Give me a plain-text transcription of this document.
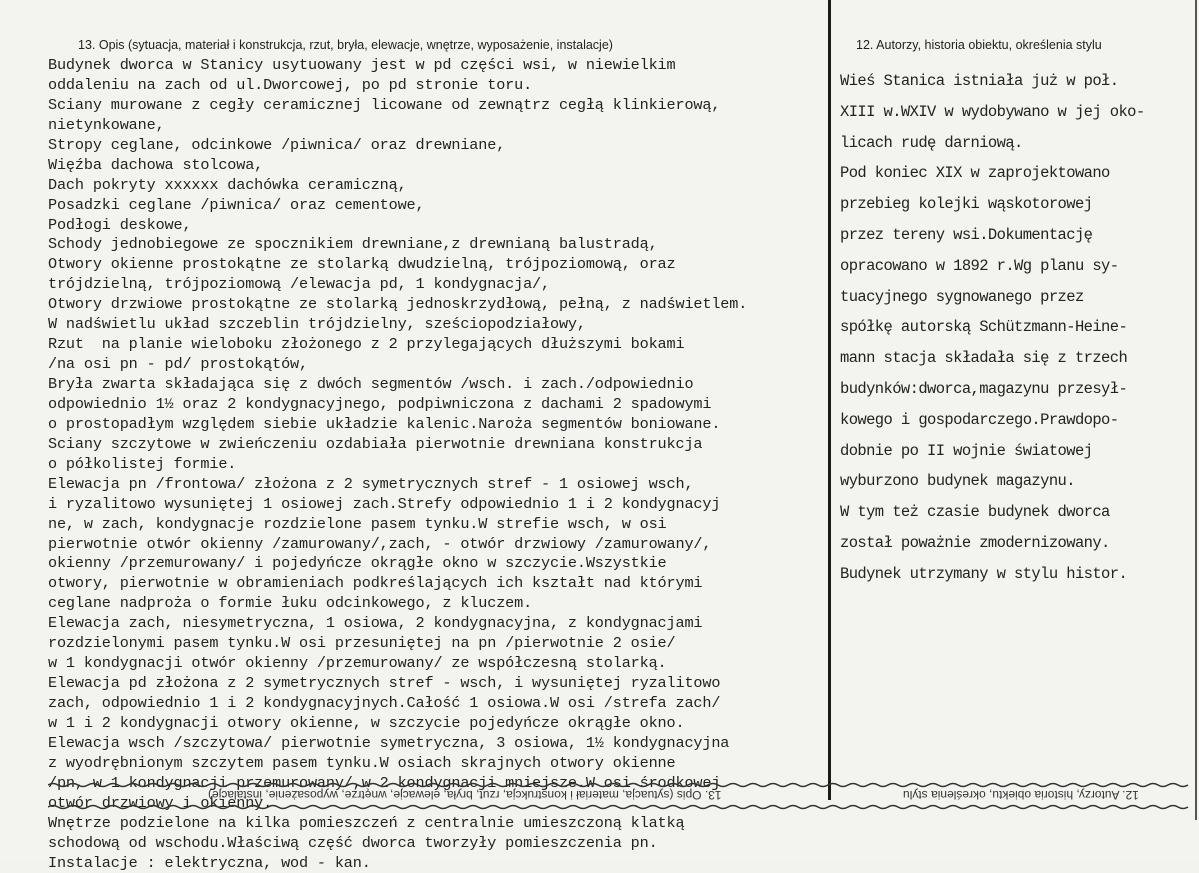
13. Opis (sytuacja, materiał i konstrukcja, rzut, bryła, elewacje, wnętrze, wyposażenie, instalacje)	12. Autorzy, historia obiektu, określenia stylu
Budynek dworca w Stanicy usytuowany jest w pd części wsi, w niewielkim
oddaleniu na zach od ul.Dworcowej, po pd stronie toru.
Sciany murowane z cegły ceramicznej licowane od zewnątrz cegłą klinkierową,
nietynkowane,
Stropy ceglane, odcinkowe /piwnica/ oraz drewniane,
Więźba dachowa stolcowa,
Dach pokryty xxxxxx dachówka ceramiczną,
Posadzki ceglane /piwnica/ oraz cementowe,
Podłogi deskowe,
Schody jednobiegowe ze spocznikiem drewniane,z drewnianą balustradą,
Otwory okienne prostokątne ze stolarką dwudzielną, trójpoziomową, oraz
trójdzielną, trójpoziomową /elewacja pd, 1 kondygnacja/,
Otwory drzwiowe prostokątne ze stolarką jednoskrzydłową, pełną, z nadświetlem.
W nadświetlu układ szczeblin trójdzielny, sześciopodziałowy,
Rzut  na planie wieloboku złożonego z 2 przylegających dłuższymi bokami
/na osi pn - pd/ prostokątów,
Bryła zwarta składająca się z dwóch segmentów /wsch. i zach./odpowiednio
odpowiednio 1½ oraz 2 kondygnacyjnego, podpiwniczona z dachami 2 spadowymi
o prostopadłym względem siebie układzie kalenic.Naroża segmentów boniowane.
Sciany szczytowe w zwieńczeniu ozdabiała pierwotnie drewniana konstrukcja
o półkolistej formie.
Elewacja pn /frontowa/ złożona z 2 symetrycznych stref - 1 osiowej wsch,
i ryzalitowo wysuniętej 1 osiowej zach.Strefy odpowiednio 1 i 2 kondygnacyj
ne, w zach, kondygnacje rozdzielone pasem tynku.W strefie wsch, w osi
pierwotnie otwór okienny /zamurowany/,zach, - otwór drzwiowy /zamurowany/,
okienny /przemurowany/ i pojedyńcze okrągłe okno w szczycie.Wszystkie
otwory, pierwotnie w obramieniach podkreślających ich kształt nad którymi
ceglane nadproża o formie łuku odcinkowego, z kluczem.
Elewacja zach, niesymetryczna, 1 osiowa, 2 kondygnacyjna, z kondygnacjami
rozdzielonymi pasem tynku.W osi przesuniętej na pn /pierwotnie 2 osie/
w 1 kondygnacji otwór okienny /przemurowany/ ze współczesną stolarką.
Elewacja pd złożona z 2 symetrycznych stref - wsch, i wysuniętej ryzalitowo
zach, odpowiednio 1 i 2 kondygnacyjnych.Całość 1 osiowa.W osi /strefa zach/
w 1 i 2 kondygnacji otwory okienne, w szczycie pojedyńcze okrągłe okno.
Elewacja wsch /szczytowa/ pierwotnie symetryczna, 3 osiowa, 1½ kondygnacyjna
z wyodrębnionym szczytem pasem tynku.W osiach skrajnych otwory okienne
/pn, w 1 kondygnacji przemurowany/,w 2 kondygnacji mniejsze.W osi środkowej
otwór drzwiowy i okienny.
Wnętrze podzielone na kilka pomieszczeń z centralnie umieszczoną klatką
schodową od wschodu.Właściwą część dworca tworzyły pomieszczenia pn.
Instalacje : elektryczna, wod - kan.
Wieś Stanica istniała już w poł.
XIII w.WXIV w wydobywano w jej oko-
licach rudę darniową.
Pod koniec XIX w zaprojektowano
przebieg kolejki wąskotorowej
przez tereny wsi.Dokumentację
opracowano w 1892 r.Wg planu sy-
tuacyjnego sygnowanego przez
spółkę autorską Schützmann-Heine-
mann stacja składała się z trzech
budynków:dworca,magazynu przesył-
kowego i gospodarczego.Prawdopo-
dobnie po II wojnie światowej
wyburzono budynek magazynu.
W tym też czasie budynek dworca
został poważnie zmodernizowany.
Budynek utrzymany w stylu histor.
13. Opis (sytuacja, materiał i konstrukcja, rzut, bryła, elewacje, wnętrze, wyposażenie, instalacje)	12. Autorzy, historia obiektu, określenia stylu
